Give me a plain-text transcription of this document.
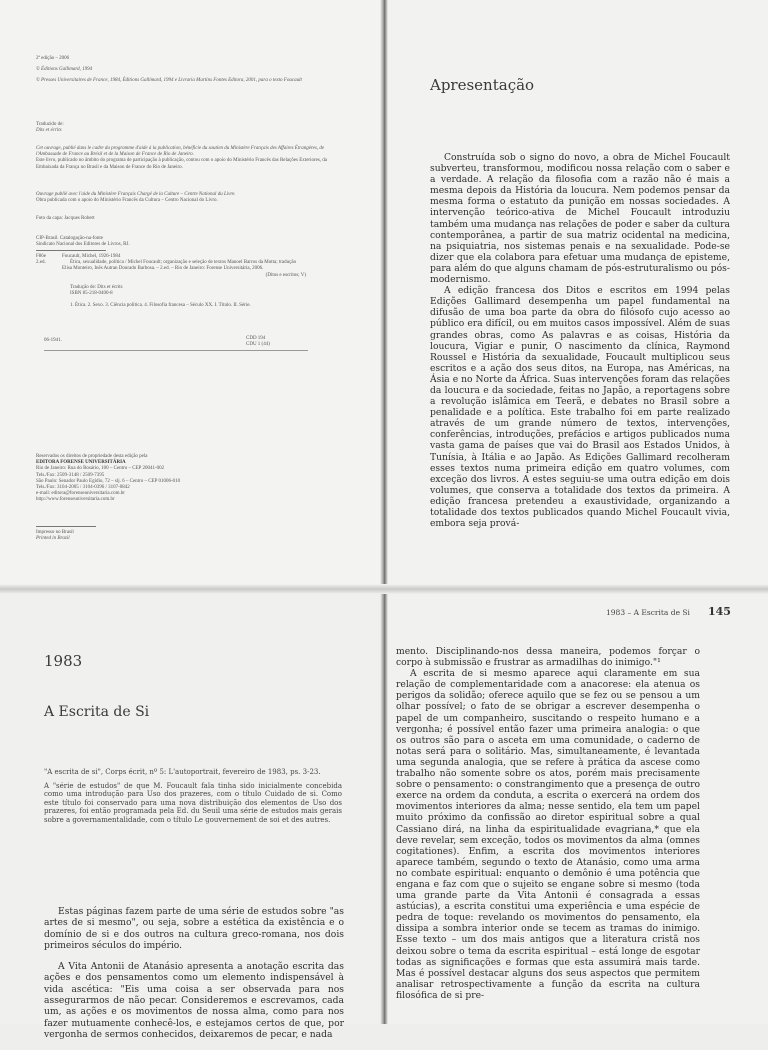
2ª edição – 2006

© Éditions Gallimard, 1994

© Presses Universitaires de France, 1984, Éditions Gallimard, 1994 e Livraria Martins Fontes Editora, 2001, para o texto Foucault

Traduzido de:

Dits et écrits

Cet ouvrage, publié dans le cadre du programme d'aide à la publication, bénéficie du soutien du Ministère Français des Affaires Étrangères, de l'Ambassade de France au Brésil et de la Maison de France de Rio de Janeiro.

Este livro, publicado no âmbito do programa de participação à publicação, contou com o apoio do Ministério Francês das Relações Exteriores, da Embaixada da França no Brasil e da Maison de France do Rio de Janeiro.

Ouvrage publié avec l'aide du Ministère Français Chargé de la Culture – Centre National du Livre.

Obra publicada com o apoio do Ministério Francês da Cultura – Centro Nacional do Livro.

Foto da capa: Jacques Robert

CIP-Brasil. Catalogação-na-fonte

Sindicato Nacional dos Editores de Livros, RJ.

F86e

2.ed.

Foucault, Michel, 1926-1984

Ética, sexualidade, política / Michel Foucault; organização e seleção de textos Manoel Barros da Motta; tradução Elisa Monteiro, Inês Autran Dourado Barbosa. – 2.ed. – Rio de Janeiro: Forense Universitária, 2006.

(Ditos e escritos; V)

Tradução de: Dits et écrits

ISBN 85-218-0400-8

1. Ética. 2. Sexo. 3. Ciência política. 4. Filosofia francesa – Século XX. I. Título. II. Série.

06-1941.	CDD 194

CDU 1 (44)

Reservados os direitos de propriedade desta edição pela

EDITORA FORENSE UNIVERSITÁRIA

Rio de Janeiro: Rua do Rosário, 100 – Centro – CEP 20041-002

Tels./Fax: 2509-3148 / 2509-7395

São Paulo: Senador Paulo Egídio, 72 – slj. 6 – Centro – CEP 01006-010

Tels./Fax: 3104-2005 / 3104-0396 / 3107-0842

e-mail: editora@forenseuniversitaria.com.br

http://www.forenseuniversitaria.com.br

Impresso no Brasil

Printed in Brazil

Apresentação

Construída sob o signo do novo, a obra de Michel Foucault subverteu, transformou, modificou nossa relação com o saber e a verdade. A relação da filosofia com a razão não é mais a mesma depois da História da loucura. Nem podemos pensar da mesma forma o estatuto da punição em nossas sociedades. A intervenção teórico-ativa de Michel Foucault introduziu também uma mudança nas relações de poder e saber da cultura contemporânea, a partir de sua matriz ocidental na medicina, na psiquiatria, nos sistemas penais e na sexualidade. Pode-se dizer que ela colabora para efetuar uma mudança de episteme, para além do que alguns chamam de pós-estruturalismo ou pós-modernismo.

A edição francesa dos Ditos e escritos em 1994 pelas Edições Gallimard desempenha um papel fundamental na difusão de uma boa parte da obra do filósofo cujo acesso ao público era difícil, ou em muitos casos impossível. Além de suas grandes obras, como As palavras e as coisas, História da loucura, Vigiar e punir, O nascimento da clínica, Raymond Roussel e História da sexualidade, Foucault multiplicou seus escritos e a ação dos seus ditos, na Europa, nas Américas, na Ásia e no Norte da África. Suas intervenções foram das relações da loucura e da sociedade, feitas no Japão, a reportagens sobre a revolução islâmica em Teerã, e debates no Brasil sobre a penalidade e a política. Este trabalho foi em parte realizado através de um grande número de textos, intervenções, conferências, introduções, prefácios e artigos publicados numa vasta gama de países que vai do Brasil aos Estados Unidos, à Tunísia, à Itália e ao Japão. As Edições Gallimard recolheram esses textos numa primeira edição em quatro volumes, com exceção dos livros. A estes seguiu-se uma outra edição em dois volumes, que conserva a totalidade dos textos da primeira. A edição francesa pretendeu a exaustividade, organizando a totalidade dos textos publicados quando Michel Foucault vivia, embora seja prová-

1983
A Escrita de Si

"A escrita de si", Corps écrit, nº 5: L'autoportrait, fevereiro de 1983, ps. 3-23.

A "série de estudos" de que M. Foucault fala tinha sido inicialmente concebida como uma introdução para Uso dos prazeres, com o título Cuidado de si. Como este título foi conservado para uma nova distribuição dos elementos de Uso dos prazeres, foi então programada pela Ed. du Seuil uma série de estudos mais gerais sobre a governamentalidade, com o título Le gouvernement de soi et des autres.

Estas páginas fazem parte de uma série de estudos sobre "as artes de si mesmo", ou seja, sobre a estética da existência e o domínio de si e dos outros na cultura greco-romana, nos dois primeiros séculos do império.

A Vita Antonii de Atanásio apresenta a anotação escrita das ações e dos pensamentos como um elemento indispensável à vida ascética: "Eis uma coisa a ser observada para nos assegurarmos de não pecar. Consideremos e escrevamos, cada um, as ações e os movimentos de nossa alma, como para nos fazer mutuamente conhecê-los, e estejamos certos de que, por vergonha de sermos conhecidos, deixaremos de pecar, e nada

1983 – A Escrita de Si 145

mento. Disciplinando-nos dessa maneira, podemos forçar o corpo à submissão e frustrar as armadilhas do inimigo."¹

A escrita de si mesmo aparece aqui claramente em sua relação de complementaridade com a anacorese: ela atenua os perigos da solidão; oferece aquilo que se fez ou se pensou a um olhar possível; o fato de se obrigar a escrever desempenha o papel de um companheiro, suscitando o respeito humano e a vergonha; é possível então fazer uma primeira analogia: o que os outros são para o asceta em uma comunidade, o caderno de notas será para o solitário. Mas, simultaneamente, é levantada uma segunda analogia, que se refere à prática da ascese como trabalho não somente sobre os atos, porém mais precisamente sobre o pensamento: o constrangimento que a presença de outro exerce na ordem da conduta, a escrita o exercerá na ordem dos movimentos interiores da alma; nesse sentido, ela tem um papel muito próximo da confissão ao diretor espiritual sobre a qual Cassiano dirá, na linha da espiritualidade evagriana,* que ela deve revelar, sem exceção, todos os movimentos da alma (omnes cogitationes). Enfim, a escrita dos movimentos interiores aparece também, segundo o texto de Atanásio, como uma arma no combate espiritual: enquanto o demônio é uma potência que engana e faz com que o sujeito se engane sobre si mesmo (toda uma grande parte da Vita Antonii é consagrada a essas astúcias), a escrita constitui uma experiência e uma espécie de pedra de toque: revelando os movimentos do pensamento, ela dissipa a sombra interior onde se tecem as tramas do inimigo. Esse texto – um dos mais antigos que a literatura cristã nos deixou sobre o tema da escrita espiritual – está longe de esgotar todas as significações e formas que esta assumirá mais tarde. Mas é possível destacar alguns dos seus aspectos que permitem analisar retrospectivamente a função da escrita na cultura filosófica de si pre-
